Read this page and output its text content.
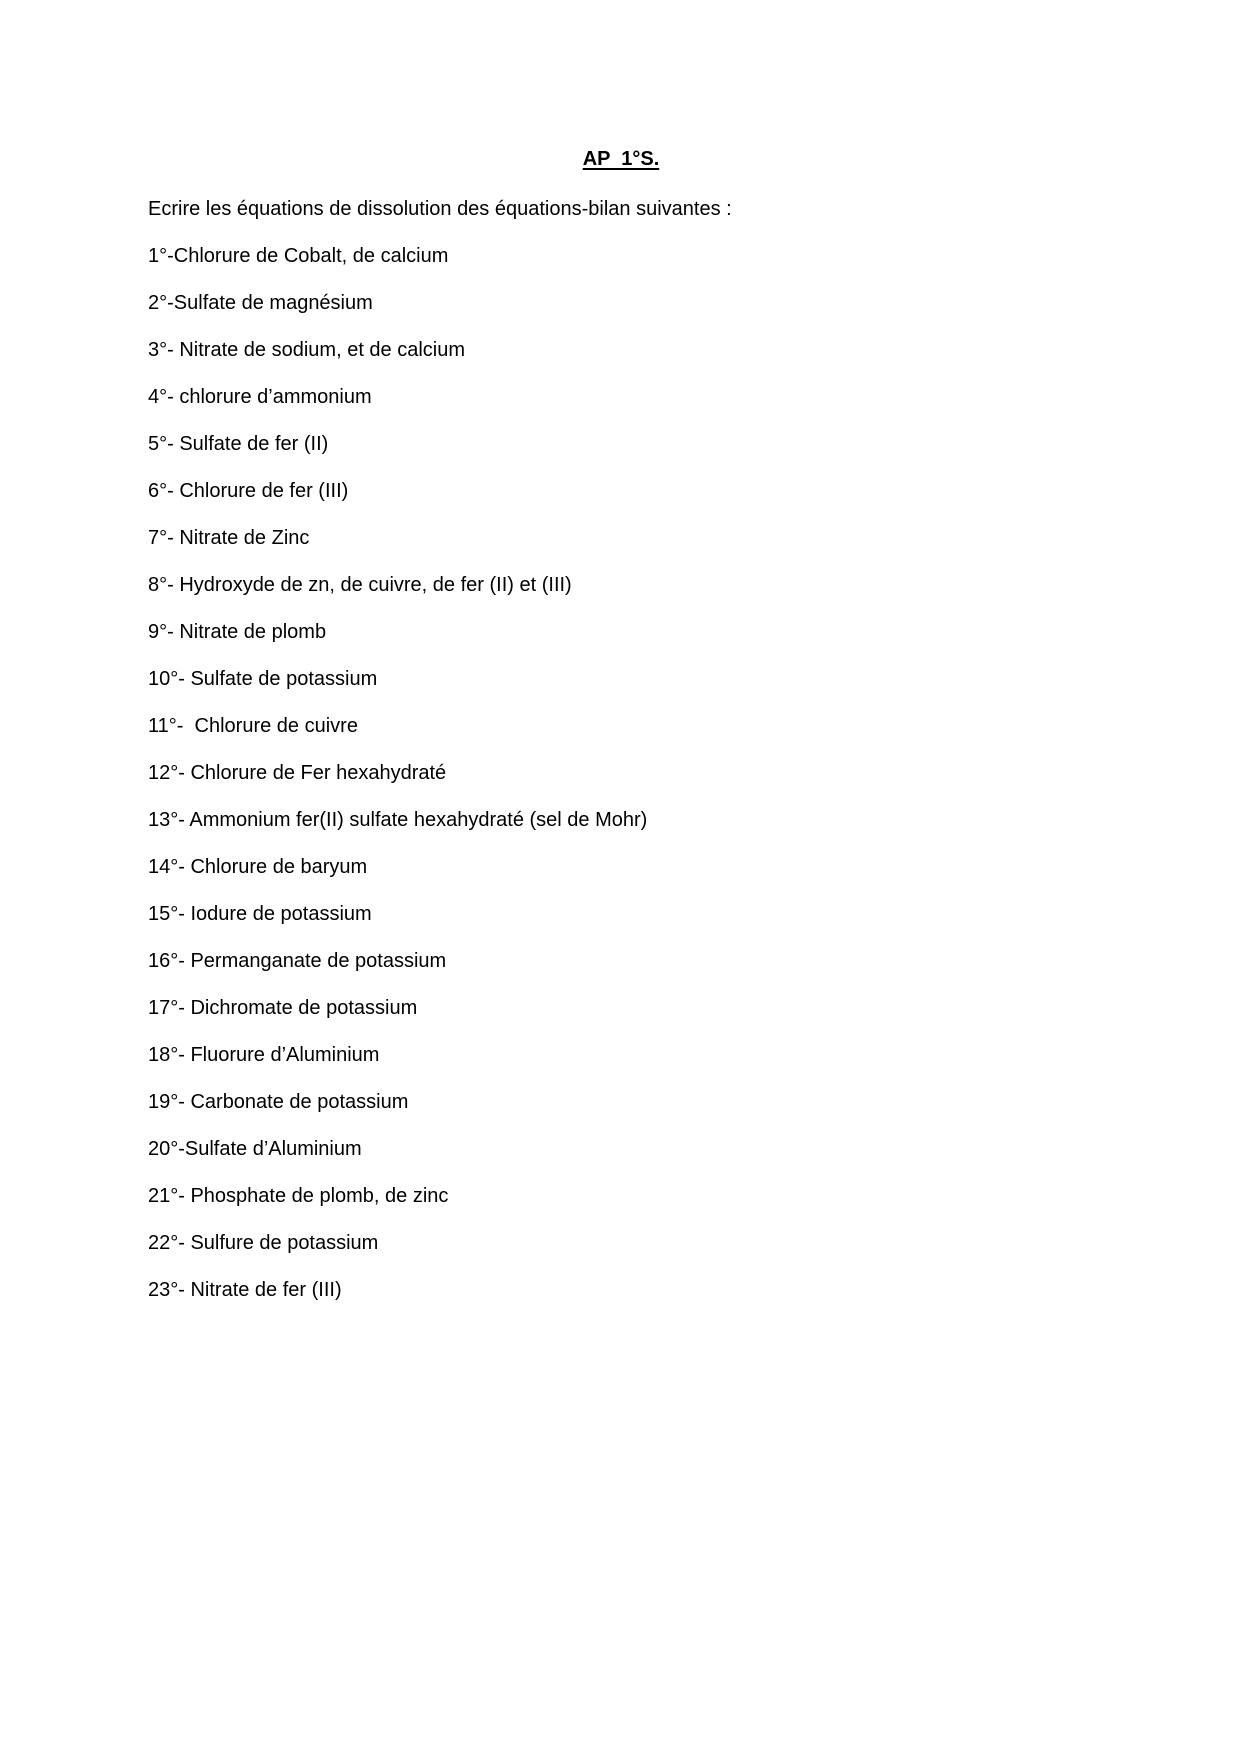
AP  1°S.

Ecrire les équations de dissolution des équations-bilan suivantes :

1°-Chlorure de Cobalt, de calcium
2°-Sulfate de magnésium
3°- Nitrate de sodium, et de calcium
4°- chlorure d’ammonium
5°- Sulfate de fer (II)
6°- Chlorure de fer (III)
7°- Nitrate de Zinc
8°- Hydroxyde de zn, de cuivre, de fer (II) et (III)
9°- Nitrate de plomb
10°- Sulfate de potassium
11°-  Chlorure de cuivre
12°- Chlorure de Fer hexahydraté
13°- Ammonium fer(II) sulfate hexahydraté (sel de Mohr)
14°- Chlorure de baryum
15°- Iodure de potassium
16°- Permanganate de potassium
17°- Dichromate de potassium
18°- Fluorure d’Aluminium
19°- Carbonate de potassium
20°-Sulfate d’Aluminium
21°- Phosphate de plomb, de zinc
22°- Sulfure de potassium
23°- Nitrate de fer (III)
